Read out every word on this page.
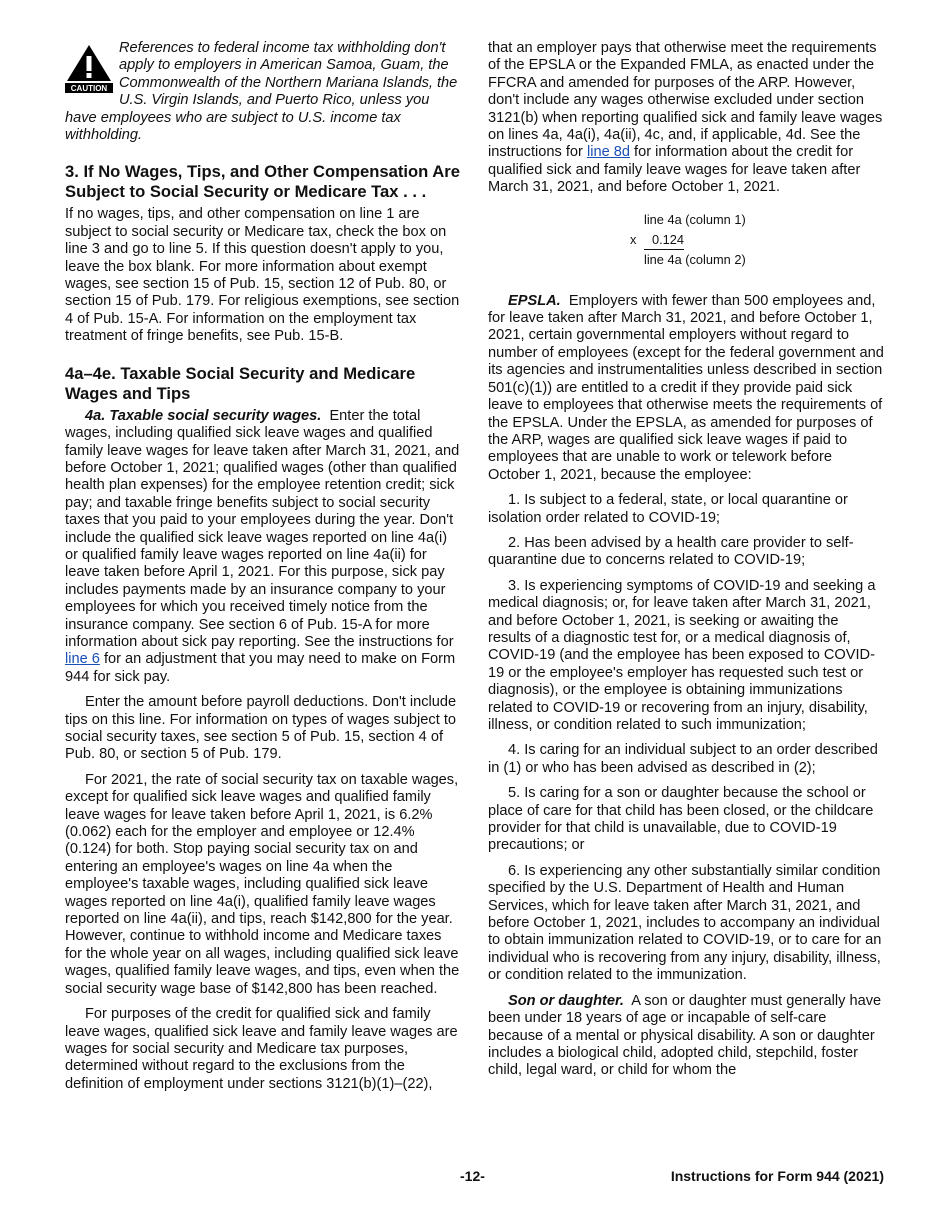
CAUTION

References to federal income tax withholding don't apply to employers in American Samoa, Guam, the Commonwealth of the Northern Mariana Islands, the U.S. Virgin Islands, and Puerto Rico, unless you have employees who are subject to U.S. income tax withholding.

3. If No Wages, Tips, and Other Compensation Are Subject to Social Security or Medicare Tax . . .

If no wages, tips, and other compensation on line 1 are subject to social security or Medicare tax, check the box on line 3 and go to line 5. If this question doesn't apply to you, leave the box blank. For more information about exempt wages, see section 15 of Pub. 15, section 12 of Pub. 80, or section 15 of Pub. 179. For religious exemptions, see section 4 of Pub. 15-A. For information on the employment tax treatment of fringe benefits, see Pub. 15-B.

4a–4e. Taxable Social Security and Medicare Wages and Tips

4a. Taxable social security wages. Enter the total wages, including qualified sick leave wages and qualified family leave wages for leave taken after March 31, 2021, and before October 1, 2021; qualified wages (other than qualified health plan expenses) for the employee retention credit; sick pay; and taxable fringe benefits subject to social security taxes that you paid to your employees during the year. Don't include the qualified sick leave wages reported on line 4a(i) or qualified family leave wages reported on line 4a(ii) for leave taken before April 1, 2021. For this purpose, sick pay includes payments made by an insurance company to your employees for which you received timely notice from the insurance company. See section 6 of Pub. 15-A for more information about sick pay reporting. See the instructions for line 6 for an adjustment that you may need to make on Form 944 for sick pay.

Enter the amount before payroll deductions. Don't include tips on this line. For information on types of wages subject to social security taxes, see section 5 of Pub. 15, section 4 of Pub. 80, or section 5 of Pub. 179.

For 2021, the rate of social security tax on taxable wages, except for qualified sick leave wages and qualified family leave wages for leave taken before April 1, 2021, is 6.2% (0.062) each for the employer and employee or 12.4% (0.124) for both. Stop paying social security tax on and entering an employee's wages on line 4a when the employee's taxable wages, including qualified sick leave wages reported on line 4a(i), qualified family leave wages reported on line 4a(ii), and tips, reach $142,800 for the year. However, continue to withhold income and Medicare taxes for the whole year on all wages, including qualified sick leave wages, qualified family leave wages, and tips, even when the social security wage base of $142,800 has been reached.

For purposes of the credit for qualified sick and family leave wages, qualified sick leave and family leave wages are wages for social security and Medicare tax purposes, determined without regard to the exclusions from the definition of employment under sections 3121(b)(1)–(22),

that an employer pays that otherwise meet the requirements of the EPSLA or the Expanded FMLA, as enacted under the FFCRA and amended for purposes of the ARP. However, don't include any wages otherwise excluded under section 3121(b) when reporting qualified sick and family leave wages on lines 4a, 4a(i), 4a(ii), 4c, and, if applicable, 4d. See the instructions for line 8d for information about the credit for qualified sick and family leave wages for leave taken after March 31, 2021, and before October 1, 2021.

line 4a (column 1)
x 0.124
line 4a (column 2)

EPSLA. Employers with fewer than 500 employees and, for leave taken after March 31, 2021, and before October 1, 2021, certain governmental employers without regard to number of employees (except for the federal government and its agencies and instrumentalities unless described in section 501(c)(1)) are entitled to a credit if they provide paid sick leave to employees that otherwise meets the requirements of the EPSLA. Under the EPSLA, as amended for purposes of the ARP, wages are qualified sick leave wages if paid to employees that are unable to work or telework before October 1, 2021, because the employee:

1. Is subject to a federal, state, or local quarantine or isolation order related to COVID-19;

2. Has been advised by a health care provider to self-quarantine due to concerns related to COVID-19;

3. Is experiencing symptoms of COVID-19 and seeking a medical diagnosis; or, for leave taken after March 31, 2021, and before October 1, 2021, is seeking or awaiting the results of a diagnostic test for, or a medical diagnosis of, COVID-19 (and the employee has been exposed to COVID-19 or the employee's employer has requested such test or diagnosis), or the employee is obtaining immunizations related to COVID-19 or recovering from an injury, disability, illness, or condition related to such immunization;

4. Is caring for an individual subject to an order described in (1) or who has been advised as described in (2);

5. Is caring for a son or daughter because the school or place of care for that child has been closed, or the childcare provider for that child is unavailable, due to COVID-19 precautions; or

6. Is experiencing any other substantially similar condition specified by the U.S. Department of Health and Human Services, which for leave taken after March 31, 2021, and before October 1, 2021, includes to accompany an individual to obtain immunization related to COVID-19, or to care for an individual who is recovering from any injury, disability, illness, or condition related to the immunization.

Son or daughter. A son or daughter must generally have been under 18 years of age or incapable of self-care because of a mental or physical disability. A son or daughter includes a biological child, adopted child, stepchild, foster child, legal ward, or child for whom the

-12-	Instructions for Form 944 (2021)
